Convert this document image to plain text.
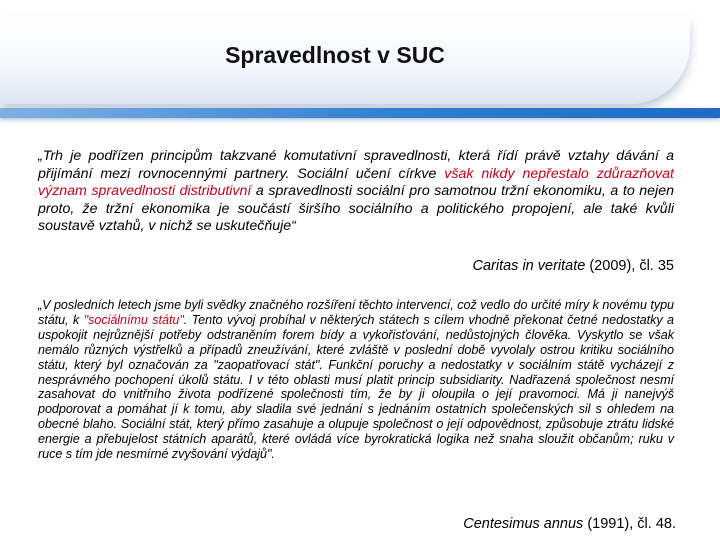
Spravedlnost v SUC
„Trh je podřízen principům takzvané komutativní spravedlnosti, která řídí právě vztahy dávání a přijímání mezi rovnocennými partnery. Sociální učení církve však nikdy nepřestalo zdůrazňovat význam spravedlnosti distributivní a spravedlnosti sociální pro samotnou tržní ekonomiku, a to nejen proto, že tržní ekonomika je součástí širšího sociálního a politického propojení, ale také kvůli soustavě vztahů, v nichž se uskutečňuje“
Caritas in veritate (2009), čl. 35
„V posledních letech jsme byli svědky značného rozšíření těchto intervencí, což vedlo do určité míry k novému typu státu, k "sociálnímu státu". Tento vývoj probíhal v některých státech s cílem vhodně překonat četné nedostatky a uspokojit nejrůznější potřeby odstraněním forem bídy a vykořisťování, nedůstojných člověka. Vyskytlo se však nemálo různých výstřelků a případů zneužívání, které zvláště v poslední době vyvolaly ostrou kritiku sociálního státu, který byl označován za "zaopatřovací stát". Funkční poruchy a nedostatky v sociálním státě vycházejí z nesprávného pochopení úkolů státu. I v této oblasti musí platit princip subsidiarity. Nadřazená společnost nesmí zasahovat do vnitřního života podřízené společnosti tím, že by ji oloupila o její pravomoci. Má ji nanejvýš podporovat a pomáhat jí k tomu, aby sladila své jednání s jednáním ostatních společenských sil s ohledem na obecné blaho. Sociální stát, který přímo zasahuje a olupuje společnost o její odpovědnost, způsobuje ztrátu lidské energie a přebujelost státních aparátů, které ovládá více byrokratická logika než snaha sloužit občanům; ruku v ruce s tím jde nesmírné zvyšování výdajů".
Centesimus annus (1991), čl. 48.
